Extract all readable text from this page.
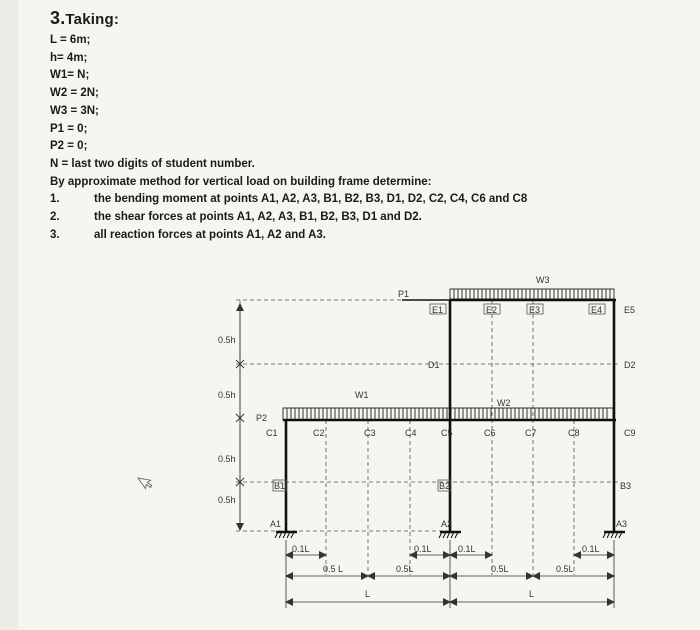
3.Taking:
L = 6m;
h= 4m;
W1= N;
W2 = 2N;
W3 = 3N;
P1 = 0;
P2 = 0;
N = last two digits of student number.
By approximate method for vertical load on building frame determine:
1.	the bending moment at points A1, A2, A3, B1, B2, B3, D1, D2, C2, C4, C6 and C8
2.	the shear forces at points A1, A2, A3, B1, B2, B3, D1 and D2.
3.	all reaction forces at points A1, A2 and A3.
W3
P1
W1
W2
P2
E1	E2	E3	E4 E5
D1	D2
C1	C2	C3	C4	C5	C6	C7	C8	C9
B1	B2	B3
A1	A2	A3
0.5h
0.5h
0.5h
0.5h
0.1L	0.1L	0.1L	0.1L
0.5 L	0.5L	0.5L	0.5L
L	L
